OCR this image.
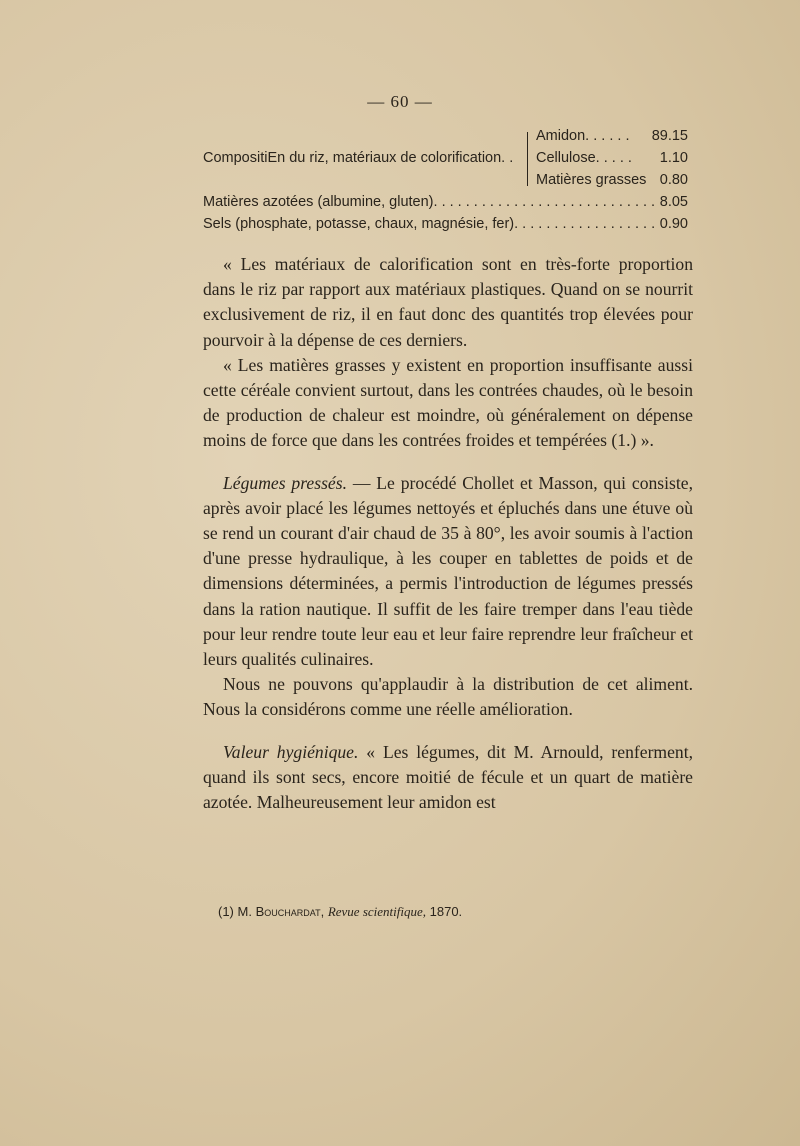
— 60 —
CompositiEn du riz, matériaux de colorification. .
Amidon. . . . . . 89.15
Cellulose. . . . . 1.10
Matières grasses 0.80
Matières azotées (albumine, gluten) . . .	8.05
Sels (phosphate, potasse, chaux, magnésie, fer) . . .	0.90

« Les matériaux de calorification sont en très-forte proportion dans le riz par rapport aux matériaux plastiques. Quand on se nourrit exclusivement de riz, il en faut donc des quantités trop élevées pour pourvoir à la dépense de ces derniers.

« Les matières grasses y existent en proportion insuffisante aussi cette céréale convient surtout, dans les contrées chaudes, où le besoin de production de chaleur est moindre, où généralement on dépense moins de force que dans les contrées froides et tempérées (1.) ».

Légumes pressés. — Le procédé Chollet et Masson, qui consiste, après avoir placé les légumes nettoyés et épluchés dans une étuve où se rend un courant d'air chaud de 35 à 80°, les avoir soumis à l'action d'une presse hydraulique, à les couper en tablettes de poids et de dimensions déterminées, a permis l'introduction de légumes pressés dans la ration nautique. Il suffit de les faire tremper dans l'eau tiède pour leur rendre toute leur eau et leur faire reprendre leur fraîcheur et leurs qualités culinaires.

Nous ne pouvons qu'applaudir à la distribution de cet aliment. Nous la considérons comme une réelle amélioration.

Valeur hygiénique. « Les légumes, dit M. Arnould, renferment, quand ils sont secs, encore moitié de fécule et un quart de matière azotée. Malheureusement leur amidon est

(1) M. Bouchardat, Revue scientifique, 1870.
